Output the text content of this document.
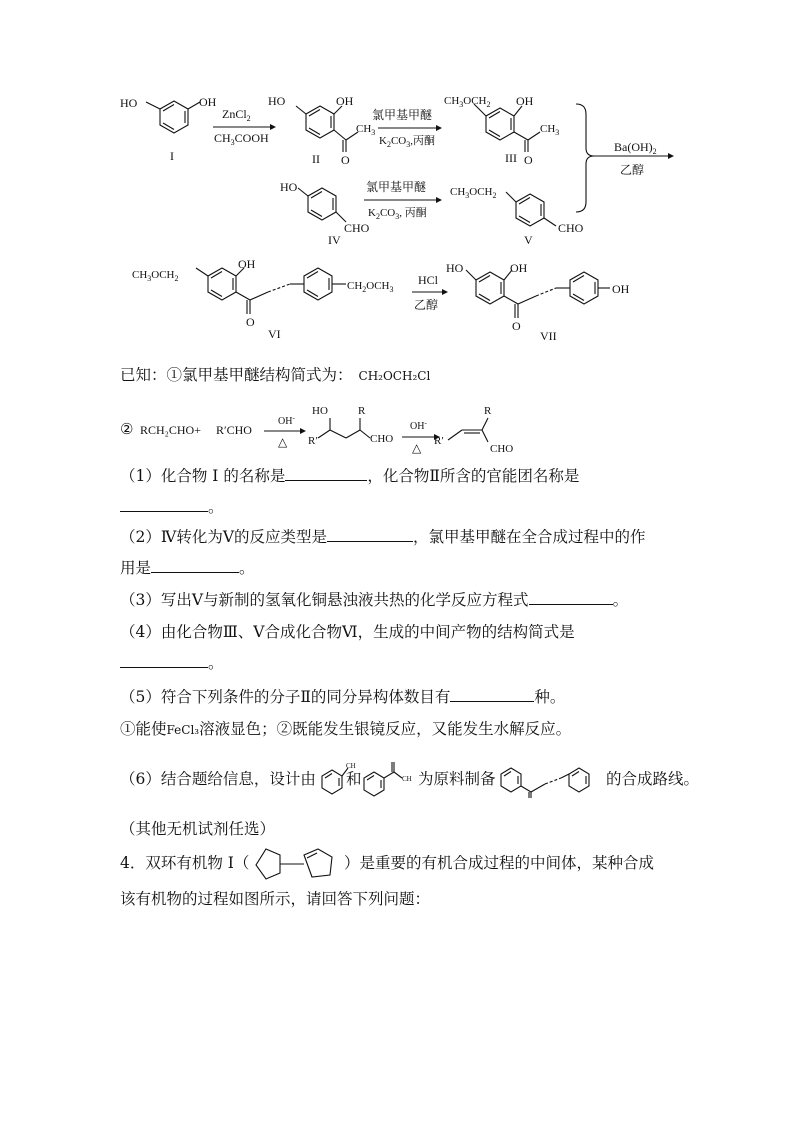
HO	OH
I
ZnCl$_2$
$CH_3COOH$
HO	OH
$CH_3$
O
II
氯甲基甲醚
$K_2CO_3$,丙酮
$CH_3OCH_2$ OH
$CH_3$
O
III
HO
CHO
IV
氯甲基甲醚
$K_2CO_3$, 丙酮
$CH_3OCH_2$
CHO
V
$Ba(OH)_2$
乙醇
$CH_3OCH_2$
OH
O
$CH_2OCH_3$
VI
HCl
乙醇
HO	OH
O
OH
VII
已知：①氯甲基甲醚结构简式为： CH₂OCH₂Cl
② RCH₂CHO+ R′CHO
OH-
△
HO	R
R′	CHO
OH-
△ R′
R
CHO
（1）化合物 I 的名称是	，化合物Ⅱ所含的官能团名称是
。
（2）Ⅳ转化为Ⅴ的反应类型是	，氯甲基甲醚在全合成过程中的作
用是	。
（3）写出Ⅴ与新制的氢氧化铜悬浊液共热的化学反应方程式	。
（4）由化合物Ⅲ、Ⅴ合成化合物Ⅵ，生成的中间产物的结构简式是
。
（5）符合下列条件的分子Ⅱ的同分异构体数目有	种。
①能使FeCl₃溶液显色；②既能发生银镜反应，又能发生水解反应。
（6）结合题给信息，设计由
CH
和	CH 为原料制备	的合成路线。
（其他无机试剂任选）
4．双环有机物 I（	）是重要的有机合成过程的中间体，某种合成
该有机物的过程如图所示，请回答下列问题：
